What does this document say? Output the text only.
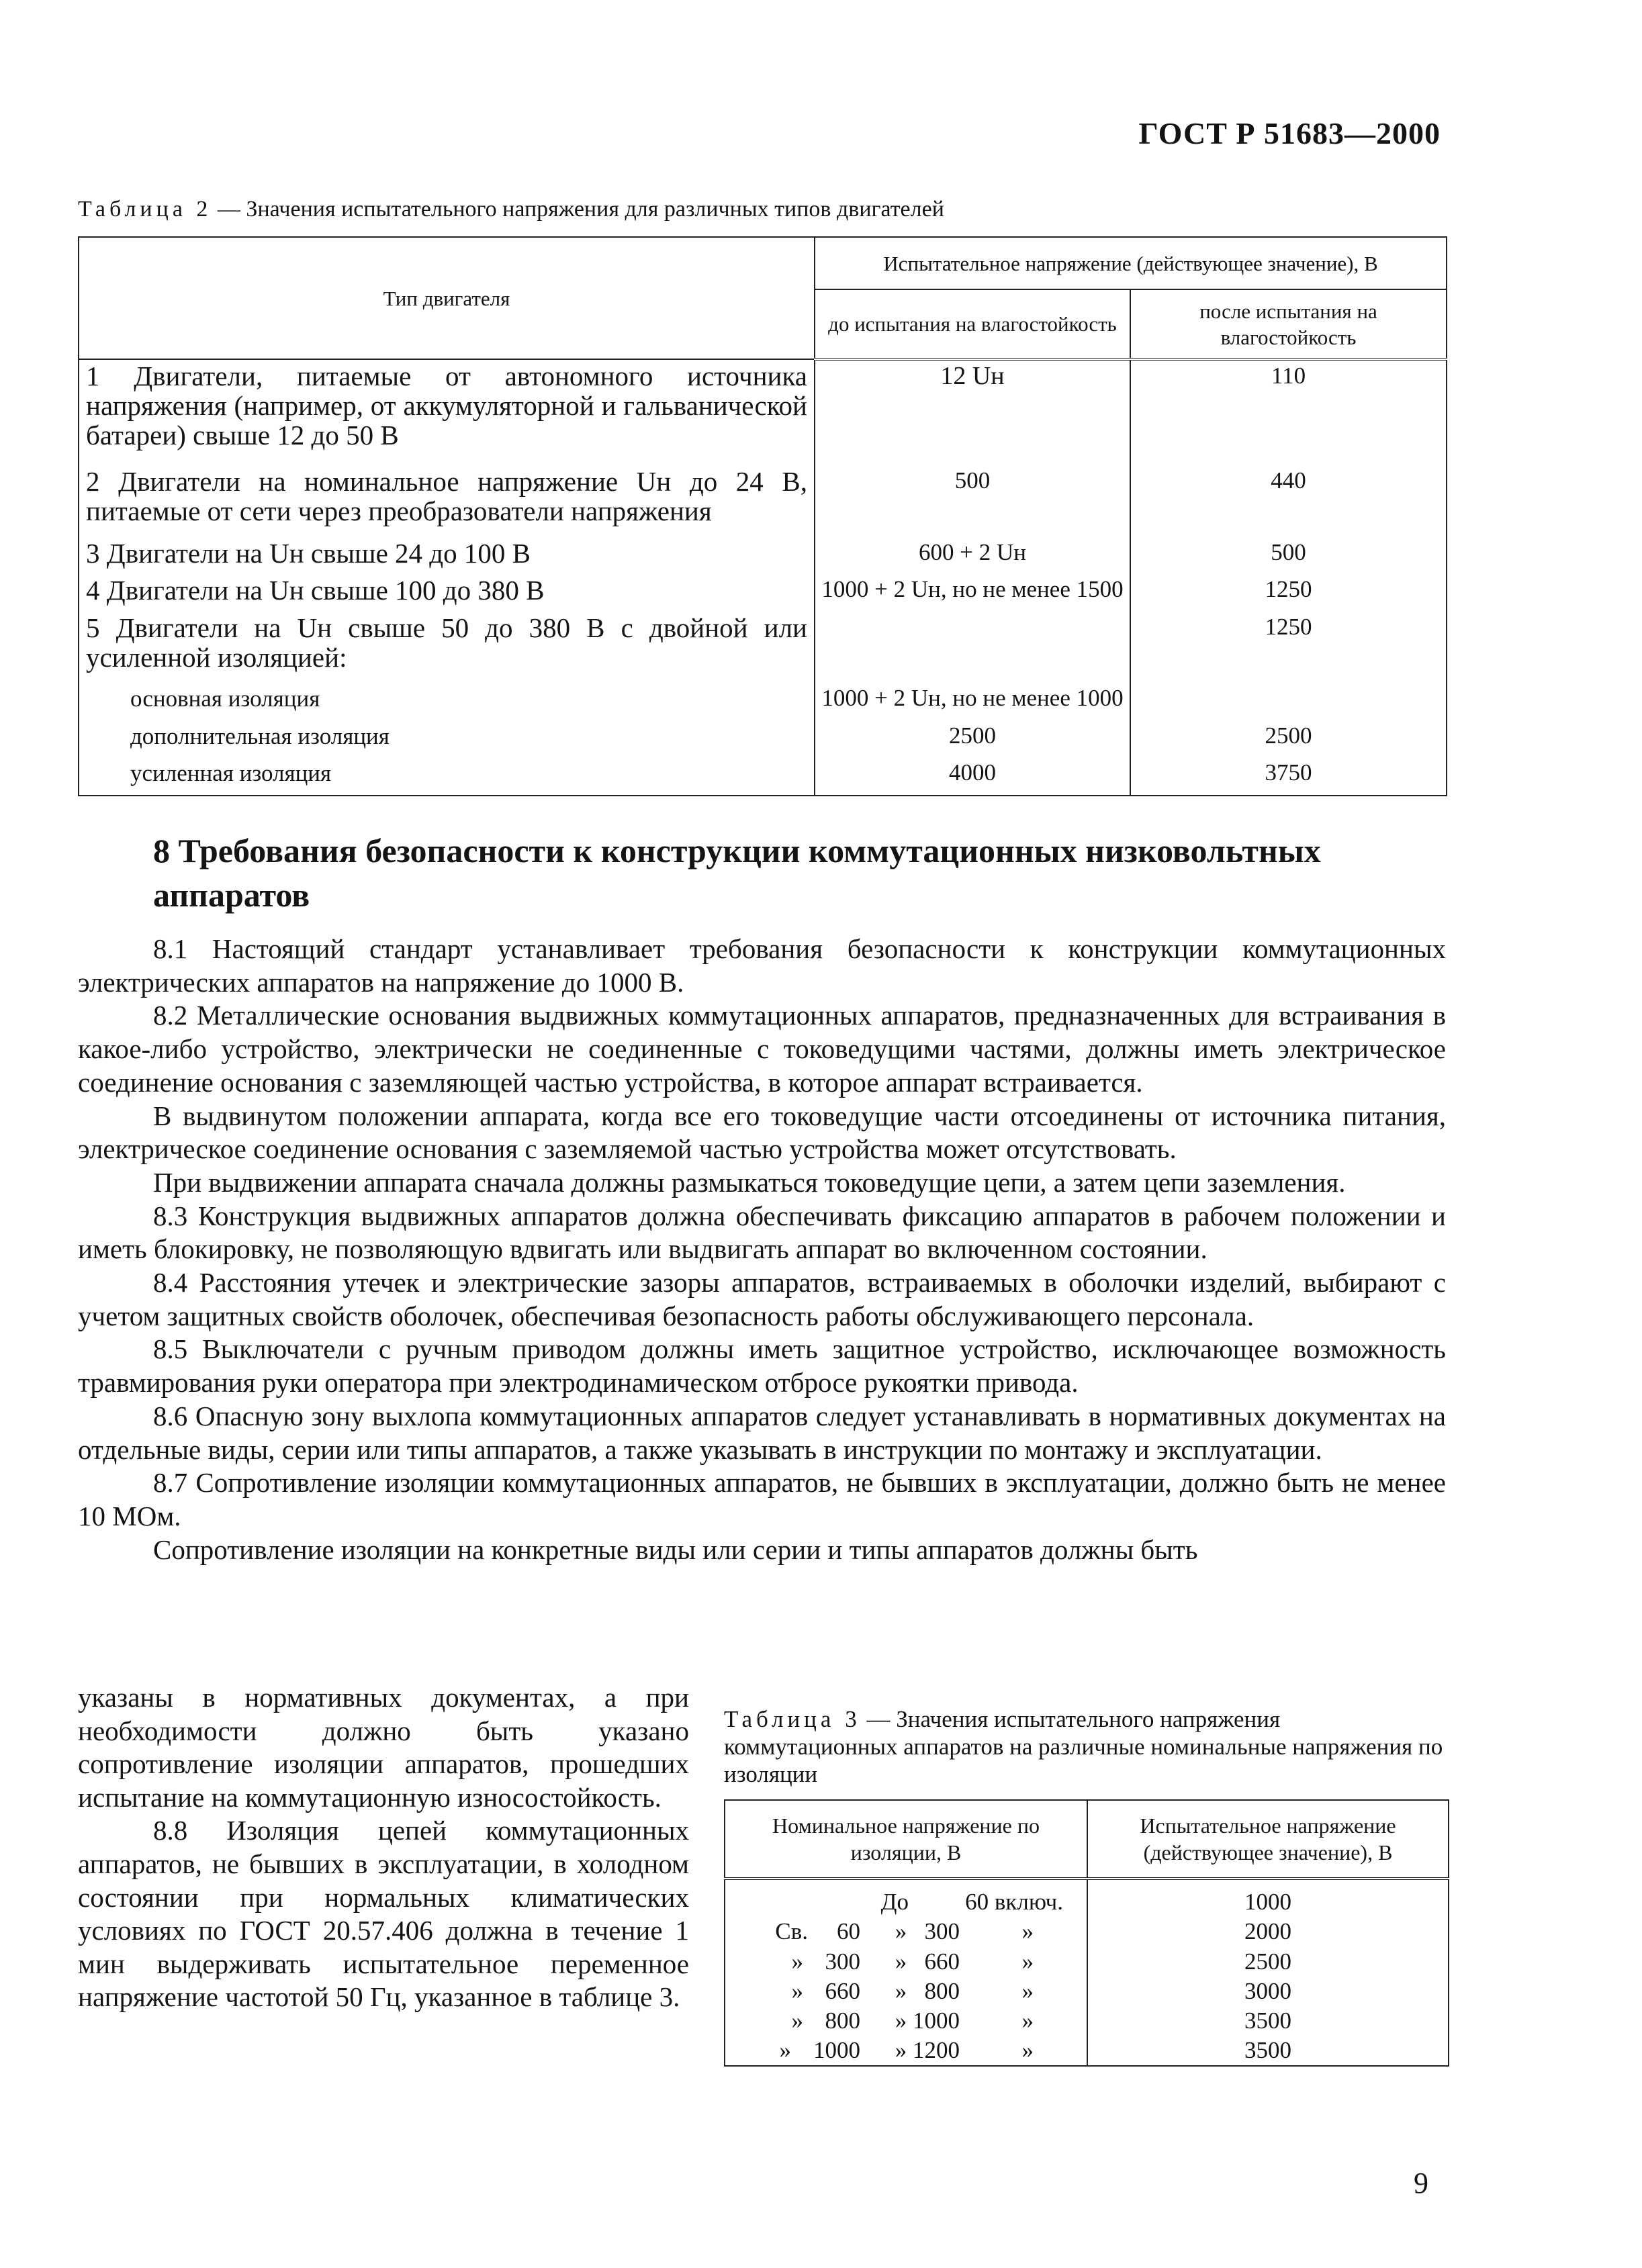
ГОСТ Р 51683—2000
Таблица 2 — Значения испытательного напряжения для различных типов двигателей
Тип двигателя	Испытательное напряжение (действующее значение), В	
	до испытания на влагостойкость	после испытания на влагостойкость
1 Двигатели, питаемые от автономного источника напряжения (например, от аккумуляторной и гальванической батареи) свыше 12 до 50 В	12 Uн	110
2 Двигатели на номинальное напряжение Uн до 24 В, питаемые от сети через преобразователи напряжения	500	440
3 Двигатели на Uн свыше 24 до 100 В	600 + 2 Uн	500
4 Двигатели на Uн свыше 100 до 380 В	1000 + 2 Uн, но не менее 1500	1250
5 Двигатели на Uн свыше 50 до 380 В с двойной или усиленной изоляцией:		1250
основная изоляция	1000 + 2 Uн, но не менее 1000	
дополнительная изоляция	2500	2500
усиленная изоляция	4000	3750
8 Требования безопасности к конструкции коммутационных низковольтных аппаратов

8.1 Настоящий стандарт устанавливает требования безопасности к конструкции коммутационных электрических аппаратов на напряжение до 1000 В.

8.2 Металлические основания выдвижных коммутационных аппаратов, предназначенных для встраивания в какое-либо устройство, электрически не соединенные с токоведущими частями, должны иметь электрическое соединение основания с заземляющей частью устройства, в которое аппарат встраивается.

В выдвинутом положении аппарата, когда все его токоведущие части отсоединены от источника питания, электрическое соединение основания с заземляемой частью устройства может отсутствовать.

При выдвижении аппарата сначала должны размыкаться токоведущие цепи, а затем цепи заземления.

8.3 Конструкция выдвижных аппаратов должна обеспечивать фиксацию аппаратов в рабочем положении и иметь блокировку, не позволяющую вдвигать или выдвигать аппарат во включенном состоянии.

8.4 Расстояния утечек и электрические зазоры аппаратов, встраиваемых в оболочки изделий, выбирают с учетом защитных свойств оболочек, обеспечивая безопасность работы обслуживающего персонала.

8.5 Выключатели с ручным приводом должны иметь защитное устройство, исключающее возможность травмирования руки оператора при электродинамическом отбросе рукоятки привода.

8.6 Опасную зону выхлопа коммутационных аппаратов следует устанавливать в нормативных документах на отдельные виды, серии или типы аппаратов, а также указывать в инструкции по монтажу и эксплуатации.

8.7 Сопротивление изоляции коммутационных аппаратов, не бывших в эксплуатации, должно быть не менее 10 МОм.

Сопротивление изоляции на конкретные виды или серии и типы аппаратов должны быть

указаны в нормативных документах, а при необходимости должно быть указано сопротивление изоляции аппаратов, прошедших испытание на коммутационную износостойкость.

8.8 Изоляция цепей коммутационных аппаратов, не бывших в эксплуатации, в холодном состоянии при нормальных климатических условиях по ГОСТ 20.57.406 должна в течение 1 мин выдерживать испытательное переменное напряжение частотой 50 Гц, указанное в таблице 3.

Таблица 3 — Значения испытательного напряжения коммутационных аппаратов на различные номинальные напряжения по изоляции
Номинальное напряжение по изоляции, В	Испытательное напряжение (действующее значение), В
До 60 включ.	1000
Св. 60 »   300 »	2000
» 300 »   660 »	2500
» 660 »   800 »	3000
» 800 » 1000 »	3500
» 1000 » 1200 »	3500
9
